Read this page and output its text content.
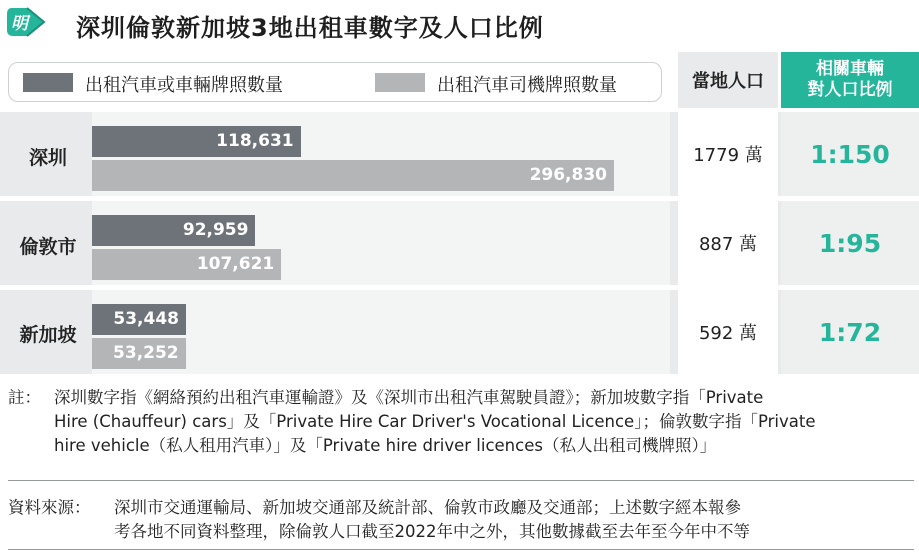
明 深圳倫敦新加坡3地出租車數字及人口比例
出租汽車或車輛牌照數量	出租汽車司機牌照數量	當地人口
相關車輛
對人口比例
深圳
倫敦市
新加坡
1779 萬
887 萬
592 萬
1:150
1:95
1:72
118,631
296,830
92,959
107,621
53,448
53,252
註： 深圳數字指《網絡預約出租汽車運輸證》及《深圳市出租汽車駕駛員證》；新加坡數字指「Private
Hire (Chauffeur) cars」及「Private Hire Car Driver's Vocational Licence」；倫敦數字指「Private
hire vehicle（私人租用汽車）」及「Private hire driver licences（私人出租司機牌照）」
資料來源： 深圳市交通運輸局、新加坡交通部及統計部、倫敦市政廳及交通部；上述數字經本報參
考各地不同資料整理，除倫敦人口截至2022年中之外，其他數據截至去年至今年中不等
